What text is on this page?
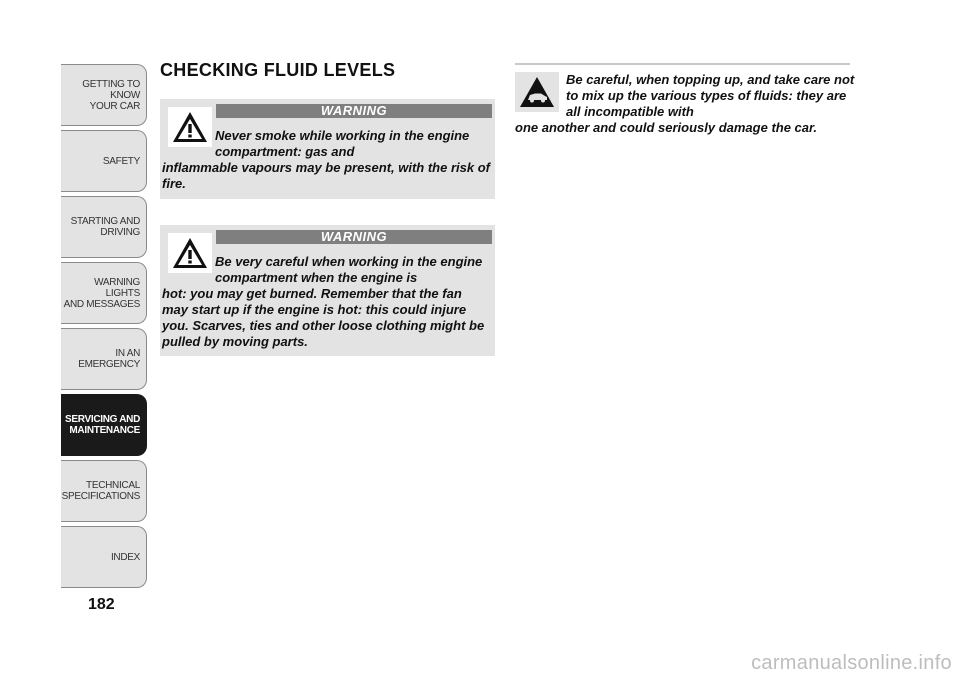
GETTING TO KNOW
YOUR CAR
SAFETY
STARTING AND
DRIVING
WARNING LIGHTS
AND MESSAGES
IN AN EMERGENCY
SERVICING AND
MAINTENANCE
TECHNICAL
SPECIFICATIONS
INDEX
182
CHECKING FLUID LEVELS
WARNING
Never smoke while working in the engine compartment: gas and
inflammable vapours may be present, with the risk of fire.
WARNING
Be very careful when working in the engine compartment when the engine is
hot: you may get burned. Remember that the fan may start up if the engine is hot: this could injure you. Scarves, ties and other loose clothing might be pulled by moving parts.
Be careful, when topping up, and take care not to mix up the various types of fluids: they are all incompatible with
one another and could seriously damage the car.
carmanualsonline.info
